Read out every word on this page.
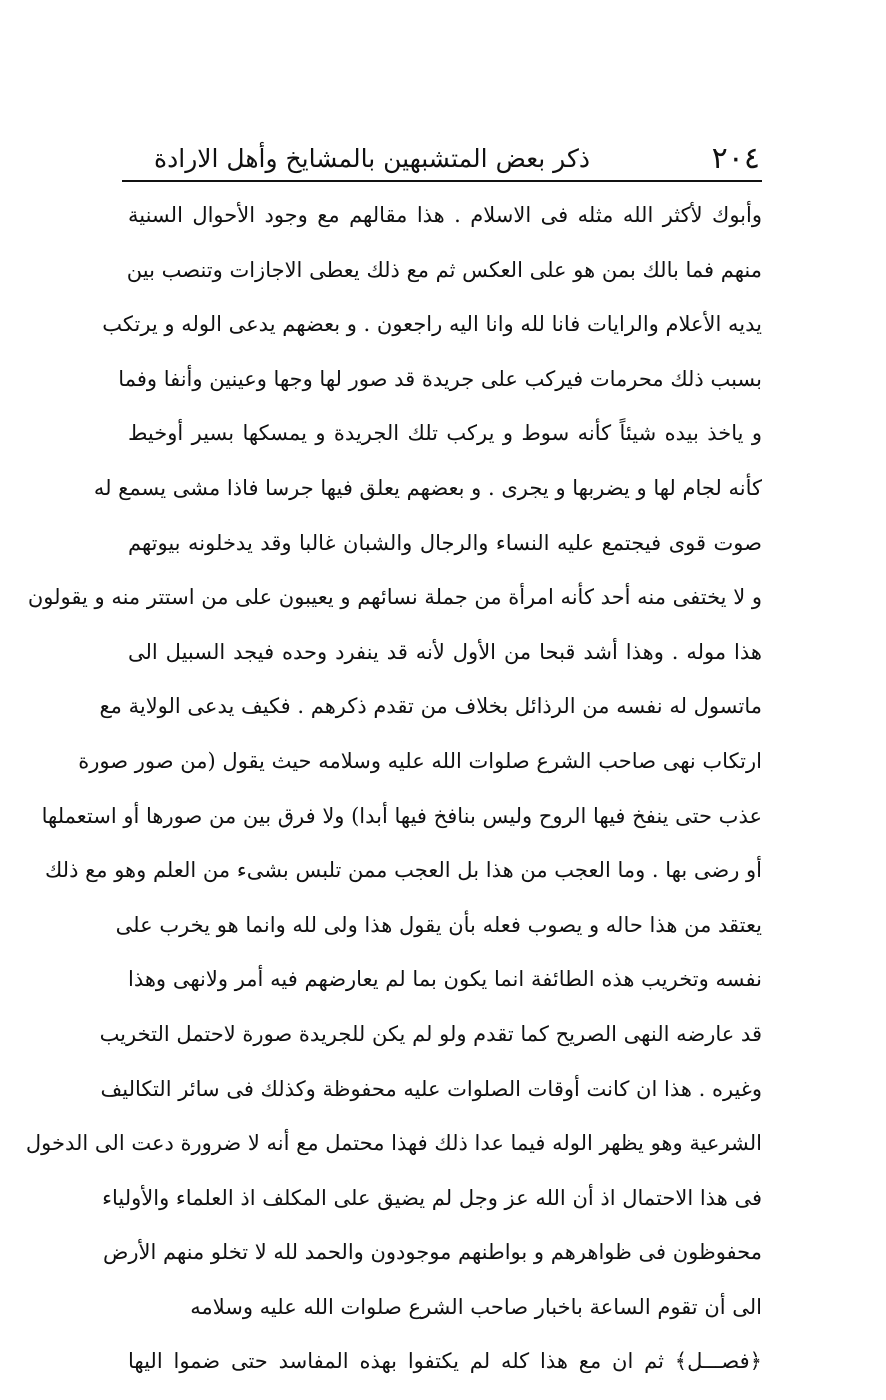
٢٠٤
ذكر بعض المتشبهين بالمشايخ وأهل الارادة
وأبوك لأكثر الله مثله فى الاسلام . هذا مقالهم مع وجود الأحوال السنية
منهم فما بالك بمن هو على العكس ثم مع ذلك يعطى الاجازات وتنصب بين
يديه الأعلام والرايات فانا لله وانا اليه راجعون . و بعضهم يدعى الوله و يرتكب
بسبب ذلك محرمات فيركب على جريدة قد صور لها وجها وعينين وأنفا وفما
و ياخذ بيده شيئاً كأنه سوط و يركب تلك الجريدة و يمسكها بسير أوخيط
كأنه لجام لها و يضربها و يجرى . و بعضهم يعلق فيها جرسا فاذا مشى يسمع له
صوت قوى فيجتمع عليه النساء والرجال والشبان غالبا وقد يدخلونه بيوتهم
و لا يختفى منه أحد كأنه امرأة من جملة نسائهم و يعيبون على من استتر منه و يقولون
هذا موله . وهذا أشد قبحا من الأول لأنه قد ينفرد وحده فيجد السبيل الى
ماتسول له نفسه من الرذائل بخلاف من تقدم ذكرهم . فكيف يدعى الولاية مع
ارتكاب نهى صاحب الشرع صلوات الله عليه وسلامه حيث يقول (من صور صورة
عذب حتى ينفخ فيها الروح وليس بنافخ فيها أبدا) ولا فرق بين من صورها أو استعملها
أو رضى بها . وما العجب من هذا بل العجب ممن تلبس بشىء من العلم وهو مع ذلك
يعتقد من هذا حاله و يصوب فعله بأن يقول هذا ولى لله وانما هو يخرب على
نفسه وتخريب هذه الطائفة انما يكون بما لم يعارضهم فيه أمر ولانهى وهذا
قد عارضه النهى الصريح كما تقدم ولو لم يكن للجريدة صورة لاحتمل التخريب
وغيره . هذا ان كانت أوقات الصلوات عليه محفوظة وكذلك فى سائر التكاليف
الشرعية وهو يظهر الوله فيما عدا ذلك فهذا محتمل مع أنه لا ضرورة دعت الى الدخول
فى هذا الاحتمال اذ أن الله عز وجل لم يضيق على المكلف اذ العلماء والأولياء
محفوظون فى ظواهرهم و بواطنهم موجودون والحمد لله لا تخلو منهم الأرض
الى أن تقوم الساعة باخبار صاحب الشرع صلوات الله عليه وسلامه
﴿فصـــل﴾ ثم ان مع هذا كله لم يكتفوا بهذه المفاسد حتى ضموا اليها
